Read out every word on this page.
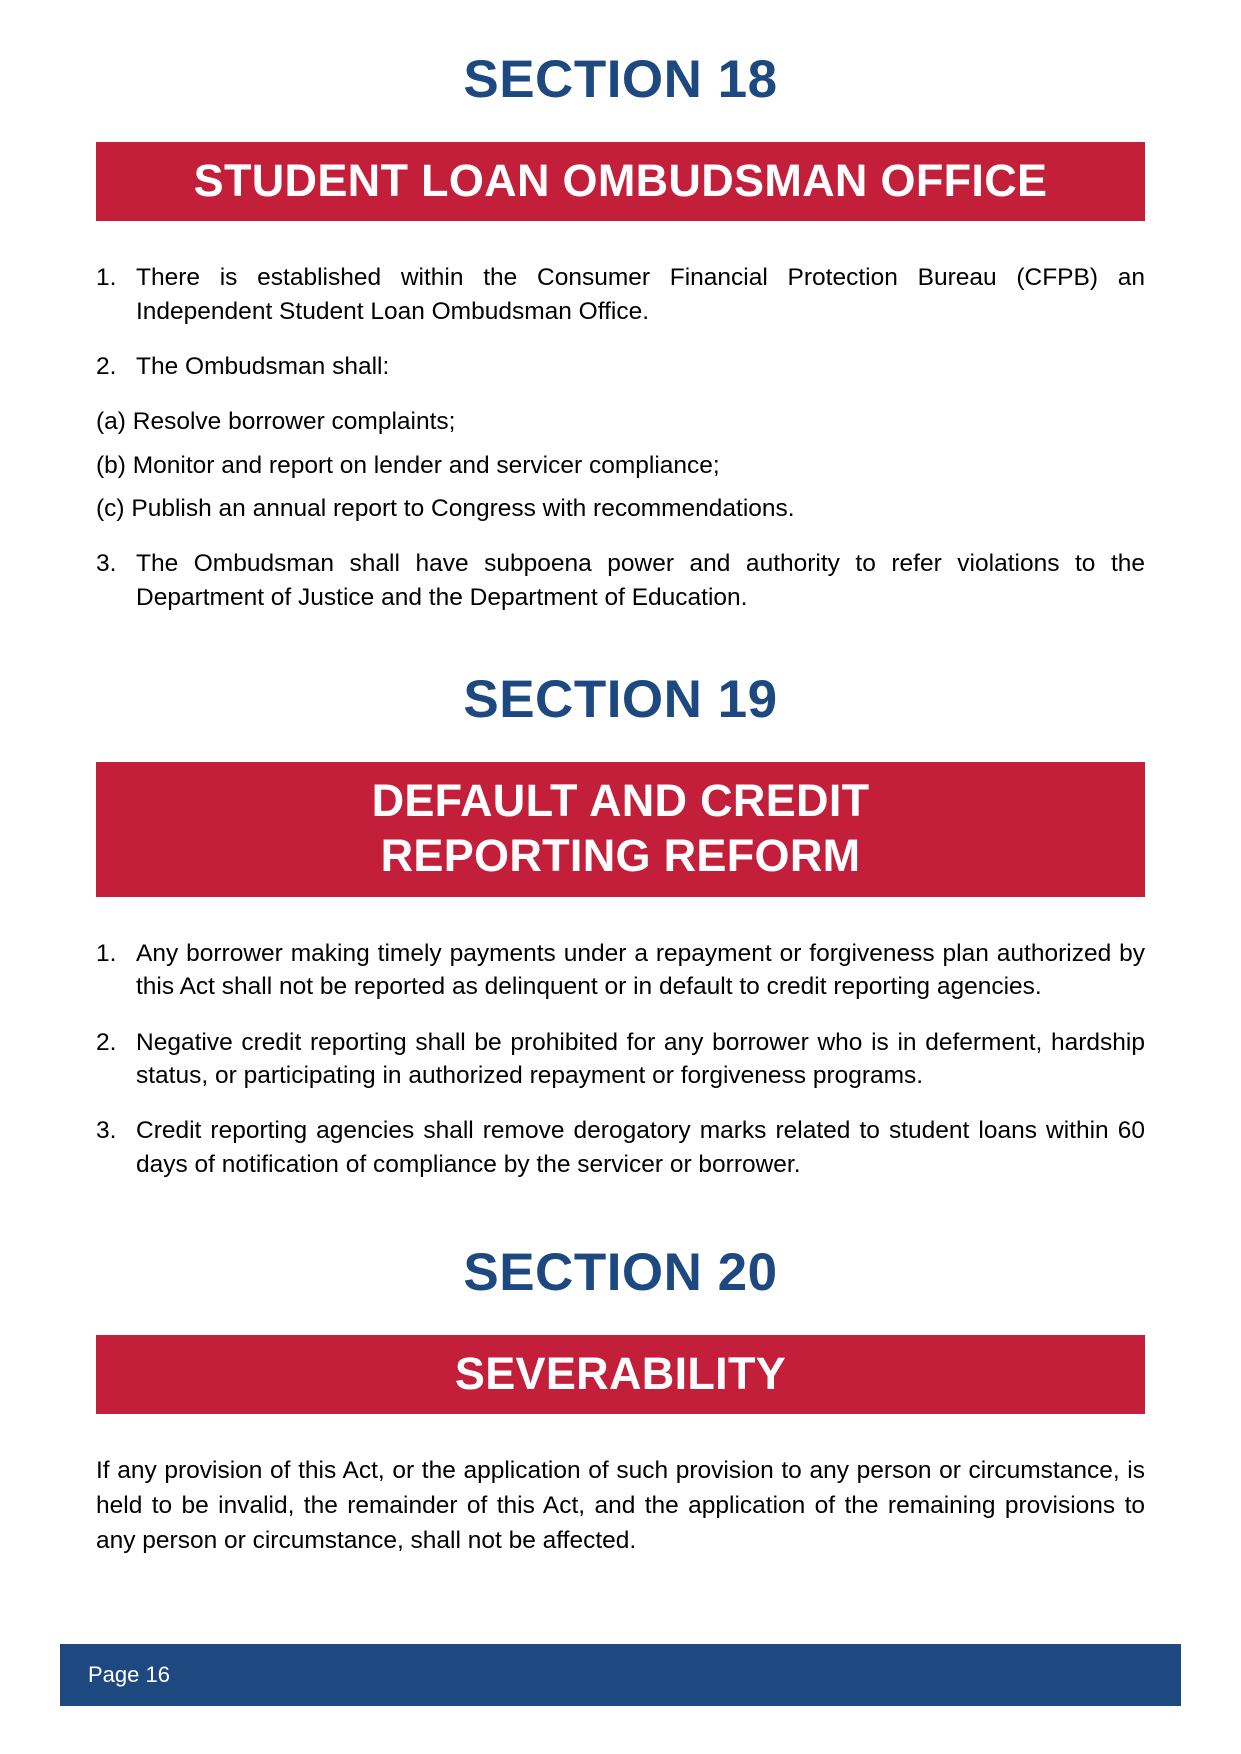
SECTION 18
STUDENT LOAN OMBUDSMAN OFFICE
1. There is established within the Consumer Financial Protection Bureau (CFPB) an Independent Student Loan Ombudsman Office.
2. The Ombudsman shall:
(a) Resolve borrower complaints;
(b) Monitor and report on lender and servicer compliance;
(c) Publish an annual report to Congress with recommendations.
3. The Ombudsman shall have subpoena power and authority to refer violations to the Department of Justice and the Department of Education.
SECTION 19
DEFAULT AND CREDIT
REPORTING REFORM
1. Any borrower making timely payments under a repayment or forgiveness plan authorized by this Act shall not be reported as delinquent or in default to credit reporting agencies.
2. Negative credit reporting shall be prohibited for any borrower who is in deferment, hardship status, or participating in authorized repayment or forgiveness programs.
3. Credit reporting agencies shall remove derogatory marks related to student loans within 60 days of notification of compliance by the servicer or borrower.
SECTION 20
SEVERABILITY
If any provision of this Act, or the application of such provision to any person or circumstance, is held to be invalid, the remainder of this Act, and the application of the remaining provisions to any person or circumstance, shall not be affected.
Page 16
